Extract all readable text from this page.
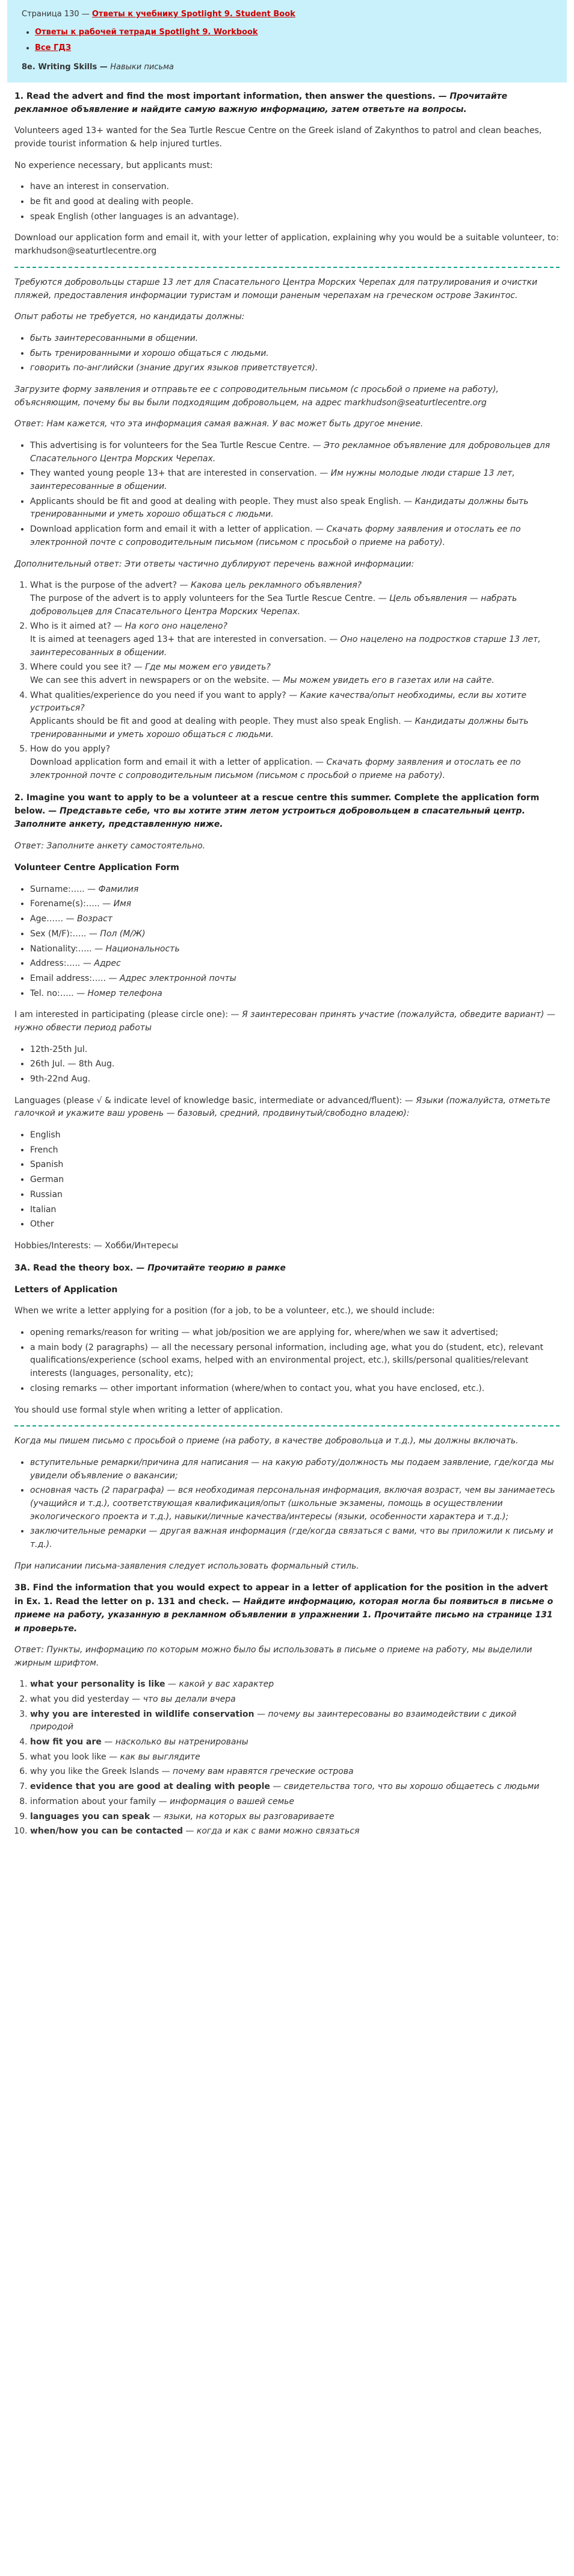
Страница 130 — Ответы к учебнику Spotlight 9. Student Book

• Ответы к рабочей тетради Spotlight 9. Workbook
• Все ГДЗ

8e. Writing Skills — Навыки письма

1. Read the advert and find the most important information, then answer the questions. — Прочитайте рекламное объявление и найдите самую важную информацию, затем ответьте на вопросы.

Volunteers aged 13+ wanted for the Sea Turtle Rescue Centre on the Greek island of Zakynthos to patrol and clean beaches, provide tourist information & help injured turtles.

No experience necessary, but applicants must:

• have an interest in conservation.
• be fit and good at dealing with people.
• speak English (other languages is an advantage).

Download our application form and email it, with your letter of application, explaining why you would be a suitable volunteer, to: markhudson@seaturtlecentre.org

Требуются добровольцы старше 13 лет для Спасательного Центра Морских Черепах для патрулирования и очистки пляжей, предоставления информации туристам и помощи раненым черепахам на греческом острове Закинтос.

Опыт работы не требуется, но кандидаты должны:

• быть заинтересованными в общении.
• быть тренированными и хорошо общаться с людьми.
• говорить по-английски (знание других языков приветствуется).

Загрузите форму заявления и отправьте ее с сопроводительным письмом (с просьбой о приеме на работу), объясняющим, почему бы вы были подходящим добровольцем, на адрес markhudson@seaturtlecentre.org

Ответ: Нам кажется, что эта информация самая важная. У вас может быть другое мнение.

• This advertising is for volunteers for the Sea Turtle Rescue Centre. — Это рекламное объявление для добровольцев для Спасательного Центра Морских Черепах.
• They wanted young people 13+ that are interested in conservation. — Им нужны молодые люди старше 13 лет, заинтересованные в общении.
• Applicants should be fit and good at dealing with people. They must also speak English. — Кандидаты должны быть тренированными и уметь хорошо общаться с людьми.
• Download application form and email it with a letter of application. — Скачать форму заявления и отослать ее по электронной почте с сопроводительным письмом (письмом с просьбой о приеме на работу).

Дополнительный ответ: Эти ответы частично дублируют перечень важной информации:

1. What is the purpose of the advert? — Какова цель рекламного объявления?
The purpose of the advert is to apply volunteers for the Sea Turtle Rescue Centre. — Цель объявления — набрать добровольцев для Спасательного Центра Морских Черепах.
2. Who is it aimed at? — На кого оно нацелено?
It is aimed at teenagers aged 13+ that are interested in conversation. — Оно нацелено на подростков старше 13 лет, заинтересованных в общении.
3. Where could you see it? — Где мы можем его увидеть?
We can see this advert in newspapers or on the website. — Мы можем увидеть его в газетах или на сайте.
4. What qualities/experience do you need if you want to apply? — Какие качества/опыт необходимы, если вы хотите устроиться?
Applicants should be fit and good at dealing with people. They must also speak English. — Кандидаты должны быть тренированными и уметь хорошо общаться с людьми.
5. How do you apply?
Download application form and email it with a letter of application. — Скачать форму заявления и отослать ее по электронной почте с сопроводительным письмом (письмом с просьбой о приеме на работу).
2. Imagine you want to apply to be a volunteer at a rescue centre this summer. Complete the application form below. — Представьте себе, что вы хотите этим летом устроиться добровольцем в спасательный центр. Заполните анкету, представленную ниже.

Ответ: Заполните анкету самостоятельно.

Volunteer Centre Application Form
• Surname:….. — Фамилия
• Forename(s):….. — Имя
• Age…… — Возраст
• Sex (M/F):….. — Пол (М/Ж)
• Nationality:….. — Национальность
• Address:….. — Адрес
• Email address:….. — Адрес электронной почты
• Tel. no:….. — Номер телефона

I am interested in participating (please circle one): — Я заинтересован принять участие (пожалуйста, обведите вариант) — нужно обвести период работы

• 12th-25th Jul.
• 26th Jul. — 8th Aug.
• 9th-22nd Aug.

Languages (please √ & indicate level of knowledge basic, intermediate or advanced/fluent): — Языки (пожалуйста, отметьте галочкой и укажите ваш уровень — базовый, средний, продвинутый/свободно владею):

• English
• French
• Spanish
• German
• Russian
• Italian
• Other

Hobbies/Interests: — Хобби/Интересы

3A. Read the theory box. — Прочитайте теорию в рамке
Letters of Application

When we write a letter applying for a position (for a job, to be a volunteer, etc.), we should include:

• opening remarks/reason for writing — what job/position we are applying for, where/when we saw it advertised;
• a main body (2 paragraphs) — all the necessary personal information, including age, what you do (student, etc), relevant qualifications/experience (school exams, helped with an environmental project, etc.), skills/personal qualities/relevant interests (languages, personality, etc);
• closing remarks — other important information (where/when to contact you, what you have enclosed, etc.).

You should use formal style when writing a letter of application.

Когда мы пишем письмо с просьбой о приеме (на работу, в качестве добровольца и т.д.), мы должны включать.

• вступительные ремарки/причина для написания — на какую работу/должность мы подаем заявление, где/когда мы увидели объявление о вакансии;
• основная часть (2 параграфа) — вся необходимая персональная информация, включая возраст, чем вы занимаетесь (учащийся и т.д.), соответствующая квалификация/опыт (школьные экзамены, помощь в осуществлении экологического проекта и т.д.), навыки/личные качества/интересы (языки, особенности характера и т.д.);
• заключительные ремарки — другая важная информация (где/когда связаться с вами, что вы приложили к письму и т.д.).

При написании письма-заявления следует использовать формальный стиль.

3B. Find the information that you would expect to appear in a letter of application for the position in the advert in Ex. 1. Read the letter on p. 131 and check. — Найдите информацию, которая могла бы появиться в письме о приеме на работу, указанную в рекламном объявлении в упражнении 1. Прочитайте письмо на странице 131 и проверьте.

Ответ: Пункты, информацию по которым можно было бы использовать в письме о приеме на работу, мы выделили жирным шрифтом.

1. what your personality is like — какой у вас характер
2. what you did yesterday — что вы делали вчера
3. why you are interested in wildlife conservation — почему вы заинтересованы во взаимодействии с дикой природой
4. how fit you are — насколько вы натренированы
5. what you look like — как вы выглядите
6. why you like the Greek Islands — почему вам нравятся греческие острова
7. evidence that you are good at dealing with people — свидетельства того, что вы хорошо общаетесь с людьми
8. information about your family — информация о вашей семье
9. languages you can speak — языки, на которых вы разговариваете
10. when/how you can be contacted — когда и как с вами можно связаться
